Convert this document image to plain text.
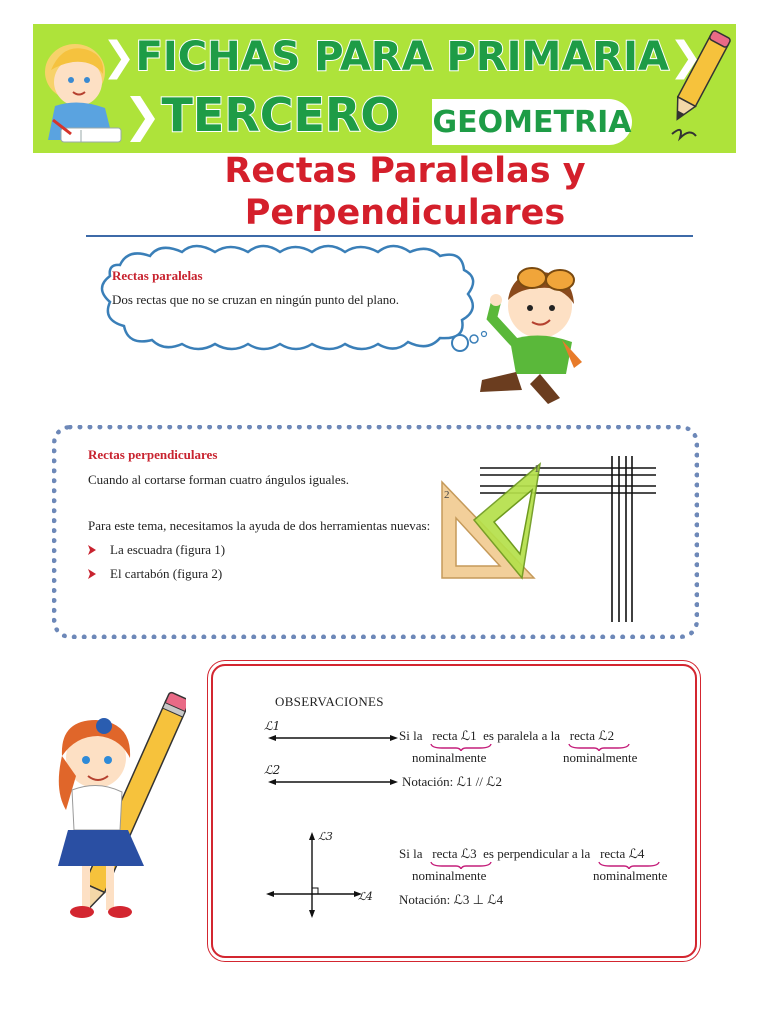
❯ FICHAS PARA PRIMARIA ❯
❯ TERCERO GEOMETRIA
Rectas Paralelas y Perpendiculares
Rectas paralelas
Dos rectas que no se cruzan en ningún punto del plano.
Rectas perpendiculares
Cuando al cortarse forman cuatro ángulos iguales.
Para este tema, necesitamos la ayuda de dos herramientas nuevas:
La escuadra (figura 1)
El cartabón (figura 2)
1
2
OBSERVACIONES
ℒ1
ℒ2
Si la recta ℒ1 es paralela a la recta ℒ2
nominalmente	nominalmente
Notación: ℒ1 // ℒ2
ℒ3
ℒ4
Si la recta ℒ3 es perpendicular a la recta ℒ4
nominalmente	nominalmente
Notación: ℒ3 ⊥ ℒ4
